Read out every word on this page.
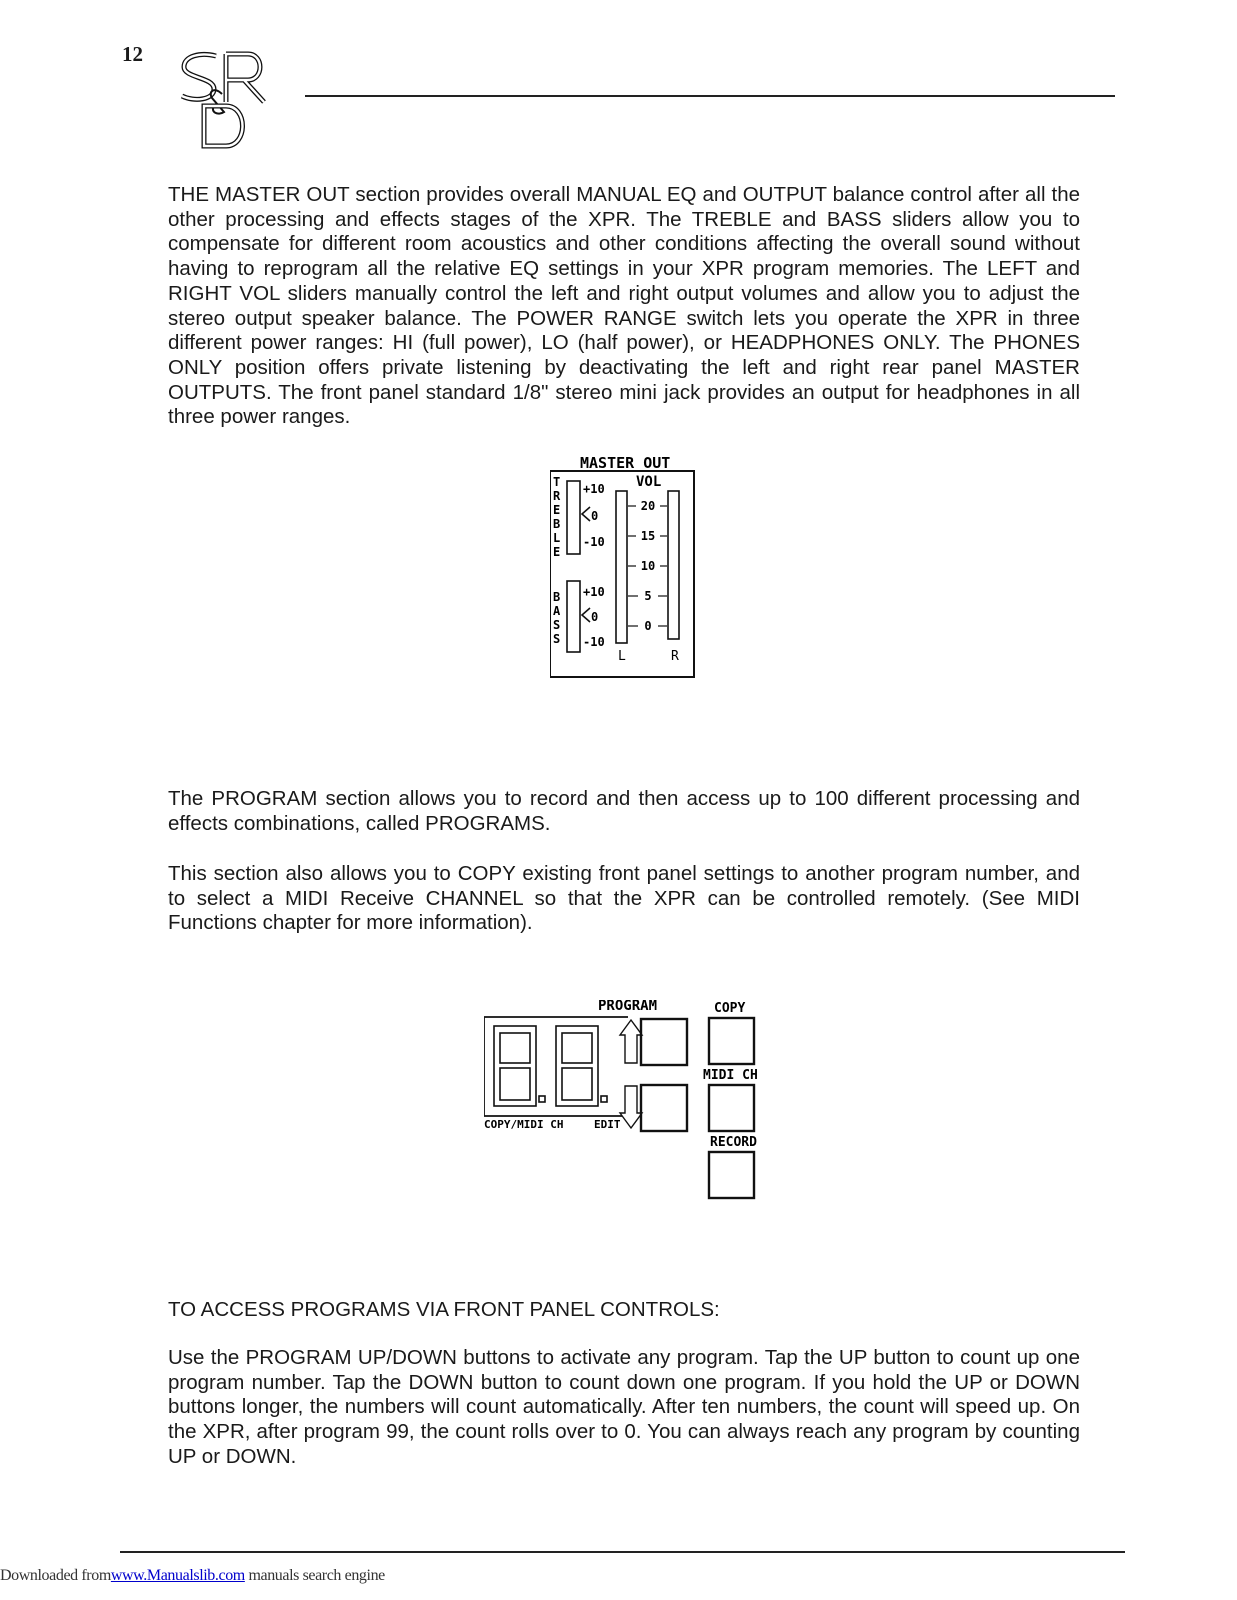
12

THE MASTER OUT section provides overall MANUAL EQ and OUTPUT balance control after all the other processing and effects stages of the XPR. The TREBLE and BASS sliders allow you to compensate for different room acoustics and other conditions affecting the overall sound without having to reprogram all the relative EQ settings in your XPR program memories. The LEFT and RIGHT VOL sliders manually control the left and right output volumes and allow you to adjust the stereo output speaker balance. The POWER RANGE switch lets you operate the XPR in three different power ranges: HI (full power), LO (half power), or HEADPHONES ONLY. The PHONES ONLY position offers private listening by deactivating the left and right rear panel MASTER OUTPUTS. The front panel standard 1/8" stereo mini jack provides an output for headphones in all three power ranges.

MASTER OUT
T
R
E
B
L
E
+10
0
-10
B
A
S
S
+10
0
-10
VOL
20
15
10
5
0
L	R

The PROGRAM section allows you to record and then access up to 100 different processing and effects combinations, called PROGRAMS.

This section also allows you to COPY existing front panel settings to another program number, and to select a MIDI Receive CHANNEL so that the XPR can be controlled remotely. (See MIDI Functions chapter for more information).

PROGRAM	COPY
COPY/MIDI CH	EDIT
MIDI CH
RECORD

TO ACCESS PROGRAMS VIA FRONT PANEL CONTROLS:

Use the PROGRAM UP/DOWN buttons to activate any program. Tap the UP button to count up one program number. Tap the DOWN button to count down one program. If you hold the UP or DOWN buttons longer, the numbers will count automatically. After ten numbers, the count will speed up. On the XPR, after program 99, the count rolls over to 0. You can always reach any program by counting UP or DOWN.

Downloaded fromwww.Manualslib.com manuals search engine
